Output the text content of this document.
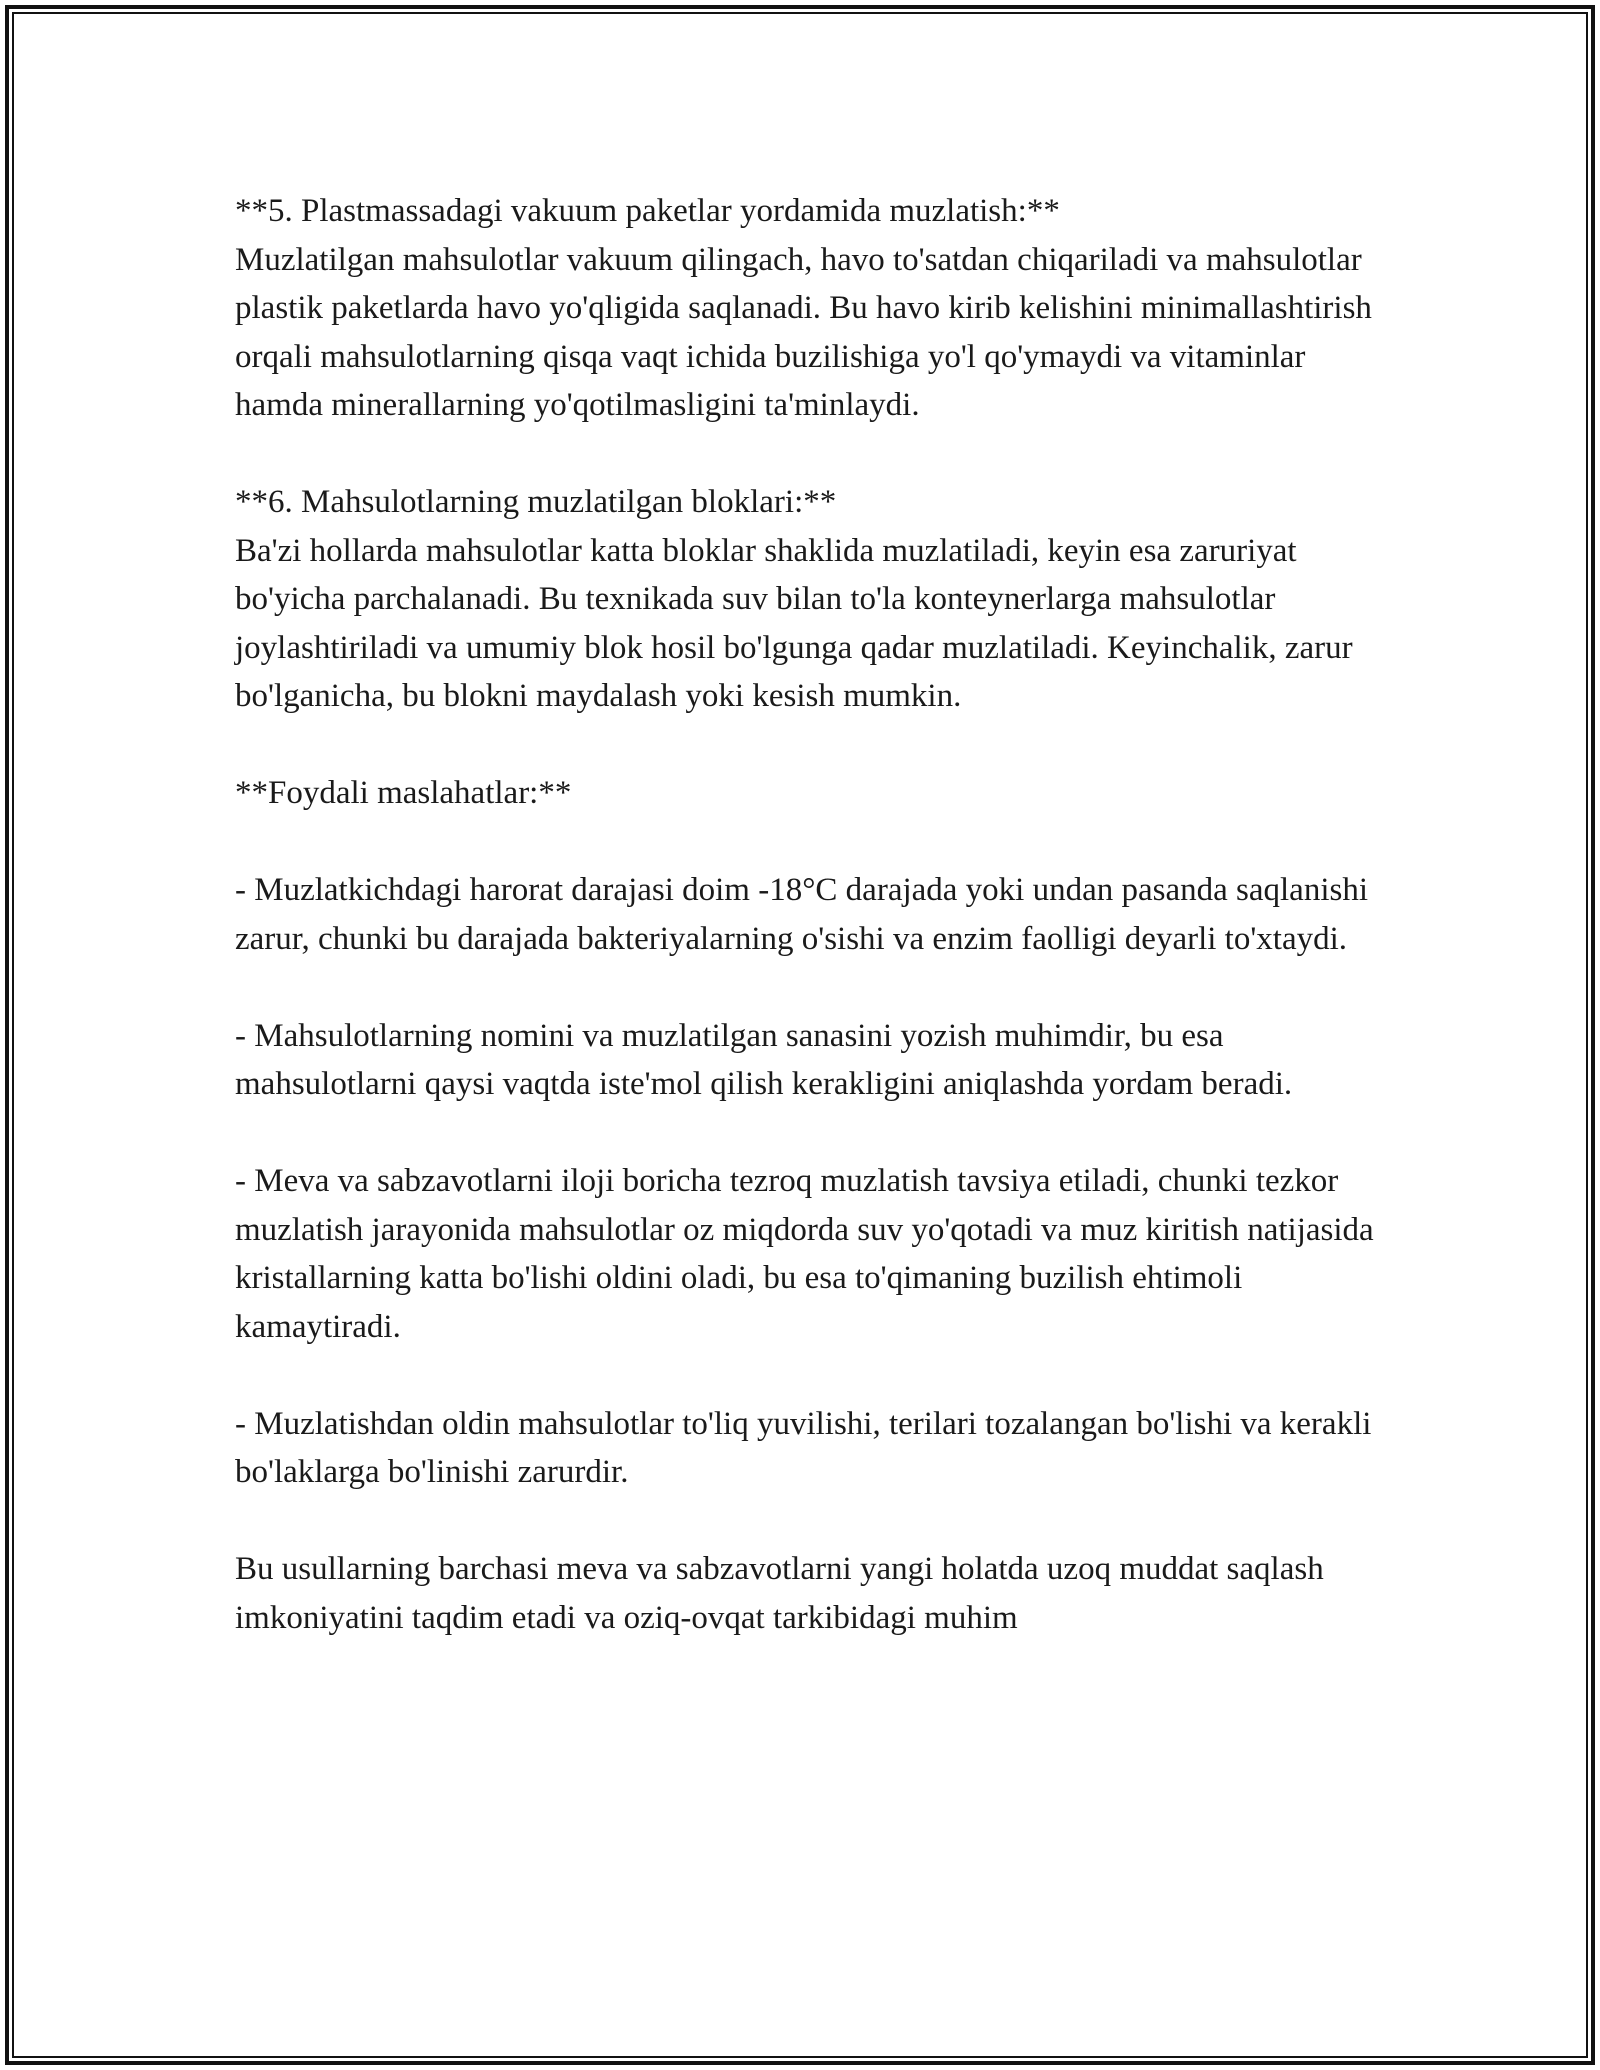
**5. Plastmassadagi vakuum paketlar yordamida muzlatish:**

Muzlatilgan mahsulotlar vakuum qilingach, havo to'satdan chiqariladi va mahsulotlar plastik paketlarda havo yo'qligida saqlanadi. Bu havo kirib kelishini minimallashtirish orqali mahsulotlarning qisqa vaqt ichida buzilishiga yo'l qo'ymaydi va vitaminlar hamda minerallarning yo'qotilmasligini ta'minlaydi.

**6. Mahsulotlarning muzlatilgan bloklari:**

Ba'zi hollarda mahsulotlar katta bloklar shaklida muzlatiladi, keyin esa zaruriyat bo'yicha parchalanadi. Bu texnikada suv bilan to'la konteynerlarga mahsulotlar joylashtiriladi va umumiy blok hosil bo'lgunga qadar muzlatiladi. Keyinchalik, zarur bo'lganicha, bu blokni maydalash yoki kesish mumkin.

**Foydali maslahatlar:**

- Muzlatkichdagi harorat darajasi doim -18°C darajada yoki undan pasanda saqlanishi zarur, chunki bu darajada bakteriyalarning o'sishi va enzim faolligi deyarli to'xtaydi.

- Mahsulotlarning nomini va muzlatilgan sanasini yozish muhimdir, bu esa mahsulotlarni qaysi vaqtda iste'mol qilish kerakligini aniqlashda yordam beradi.

- Meva va sabzavotlarni iloji boricha tezroq muzlatish tavsiya etiladi, chunki tezkor muzlatish jarayonida mahsulotlar oz miqdorda suv yo'qotadi va muz kiritish natijasida kristallarning katta bo'lishi oldini oladi, bu esa to'qimaning buzilish ehtimoli kamaytiradi.

- Muzlatishdan oldin mahsulotlar to'liq yuvilishi, terilari tozalangan bo'lishi va kerakli bo'laklarga bo'linishi zarurdir.

Bu usullarning barchasi meva va sabzavotlarni yangi holatda uzoq muddat saqlash imkoniyatini taqdim etadi va oziq-ovqat tarkibidagi muhim
